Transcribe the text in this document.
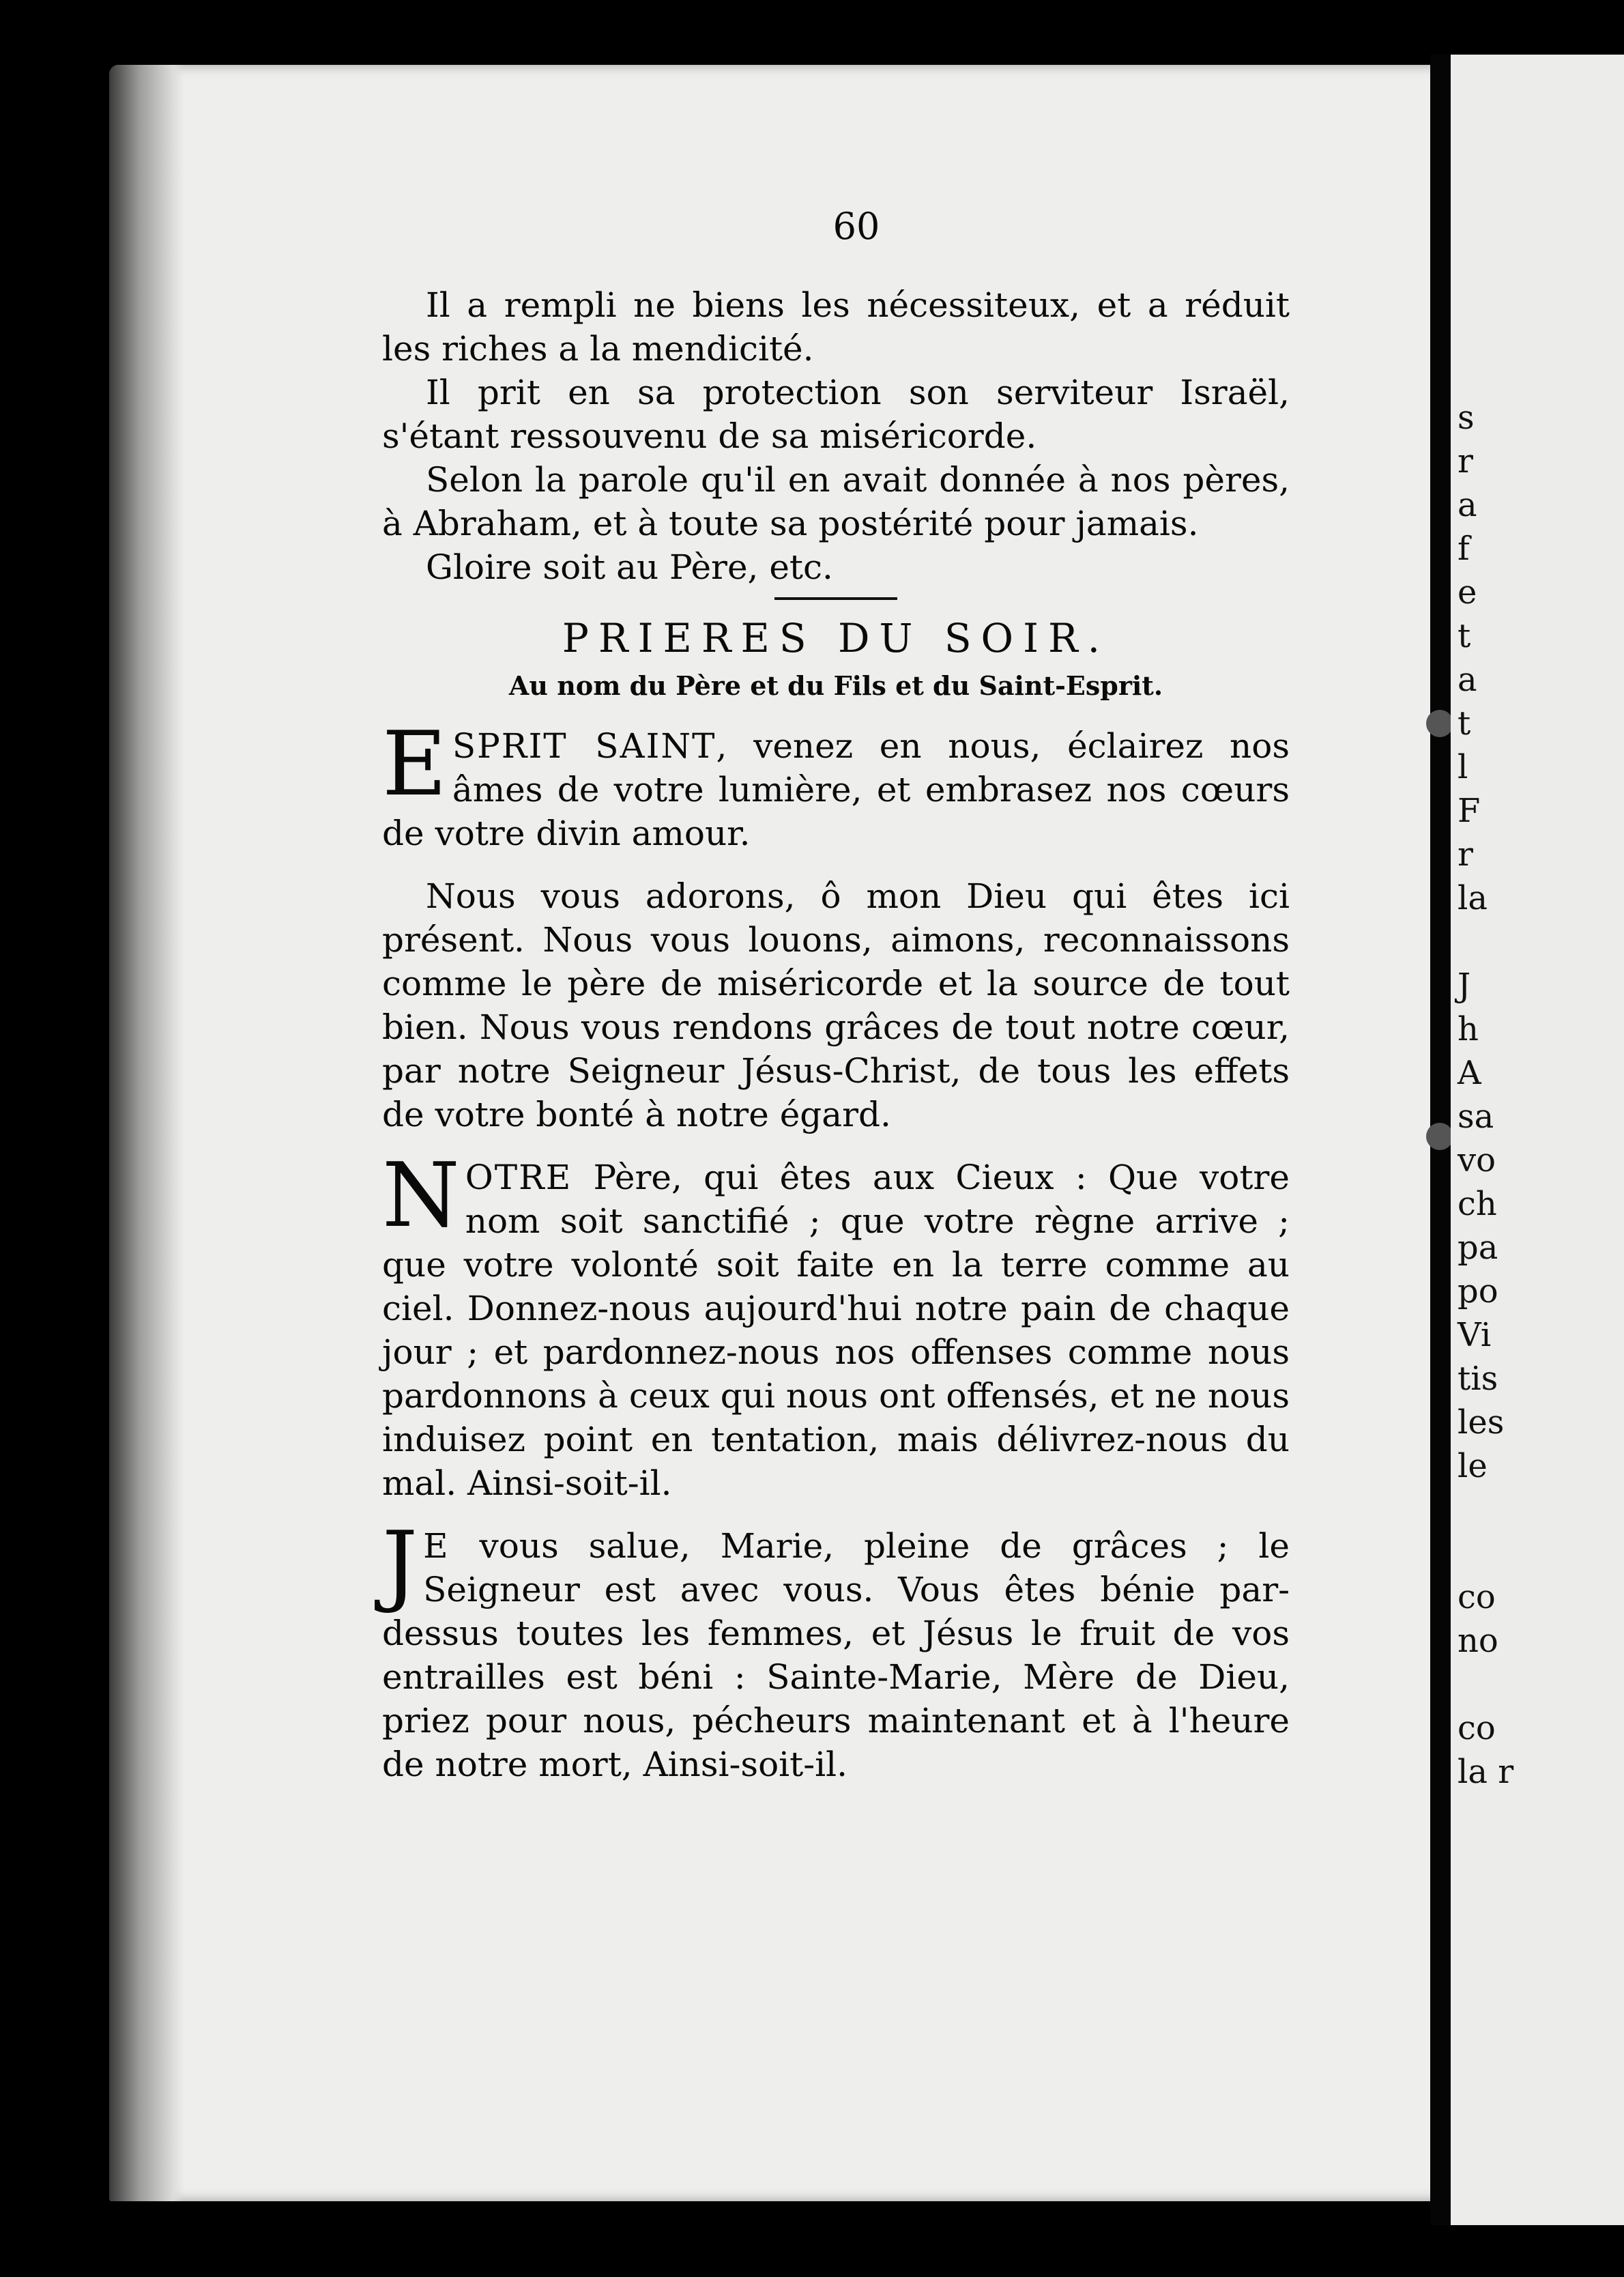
s
r
a
f
e
t
a
t
l
F
r
la

J
h
A
sa
vo
ch
pa
po
Vi
tis
les
le

co
no

co
la r
60

Il a rempli ne biens les nécessiteux, et a réduit les riches a la mendicité.

Il prit en sa protection son serviteur Israël, s'étant ressouvenu de sa miséricorde.

Selon la parole qu'il en avait donnée à nos pères, à Abraham, et à toute sa postérité pour jamais.

Gloire soit au Père, etc.

PRIERES DU SOIR.
Au nom du Père et du Fils et du Saint-Esprit.

ESPRIT SAINT, venez en nous, éclairez nos âmes de votre lumière, et embrasez nos cœurs de votre divin amour.

Nous vous adorons, ô mon Dieu qui êtes ici présent. Nous vous louons, aimons, reconnaissons comme le père de miséricorde et la source de tout bien. Nous vous rendons grâces de tout notre cœur, par notre Seigneur Jésus-Christ, de tous les effets de votre bonté à notre égard.

NOTRE Père, qui êtes aux Cieux : Que votre nom soit sanctifié ; que votre règne arrive ; que votre volonté soit faite en la terre comme au ciel. Donnez-nous aujourd'hui notre pain de chaque jour ; et pardonnez-nous nos offenses comme nous pardonnons à ceux qui nous ont offensés, et ne nous induisez point en tentation, mais délivrez-nous du mal. Ainsi-soit-il.

J E vous salue, Marie, pleine de grâces ; le Seigneur est avec vous. Vous êtes bénie par-dessus toutes les femmes, et Jésus le fruit de vos entrailles est béni : Sainte-Marie, Mère de Dieu, priez pour nous, pécheurs maintenant et à l'heure de notre mort, Ainsi-soit-il.
